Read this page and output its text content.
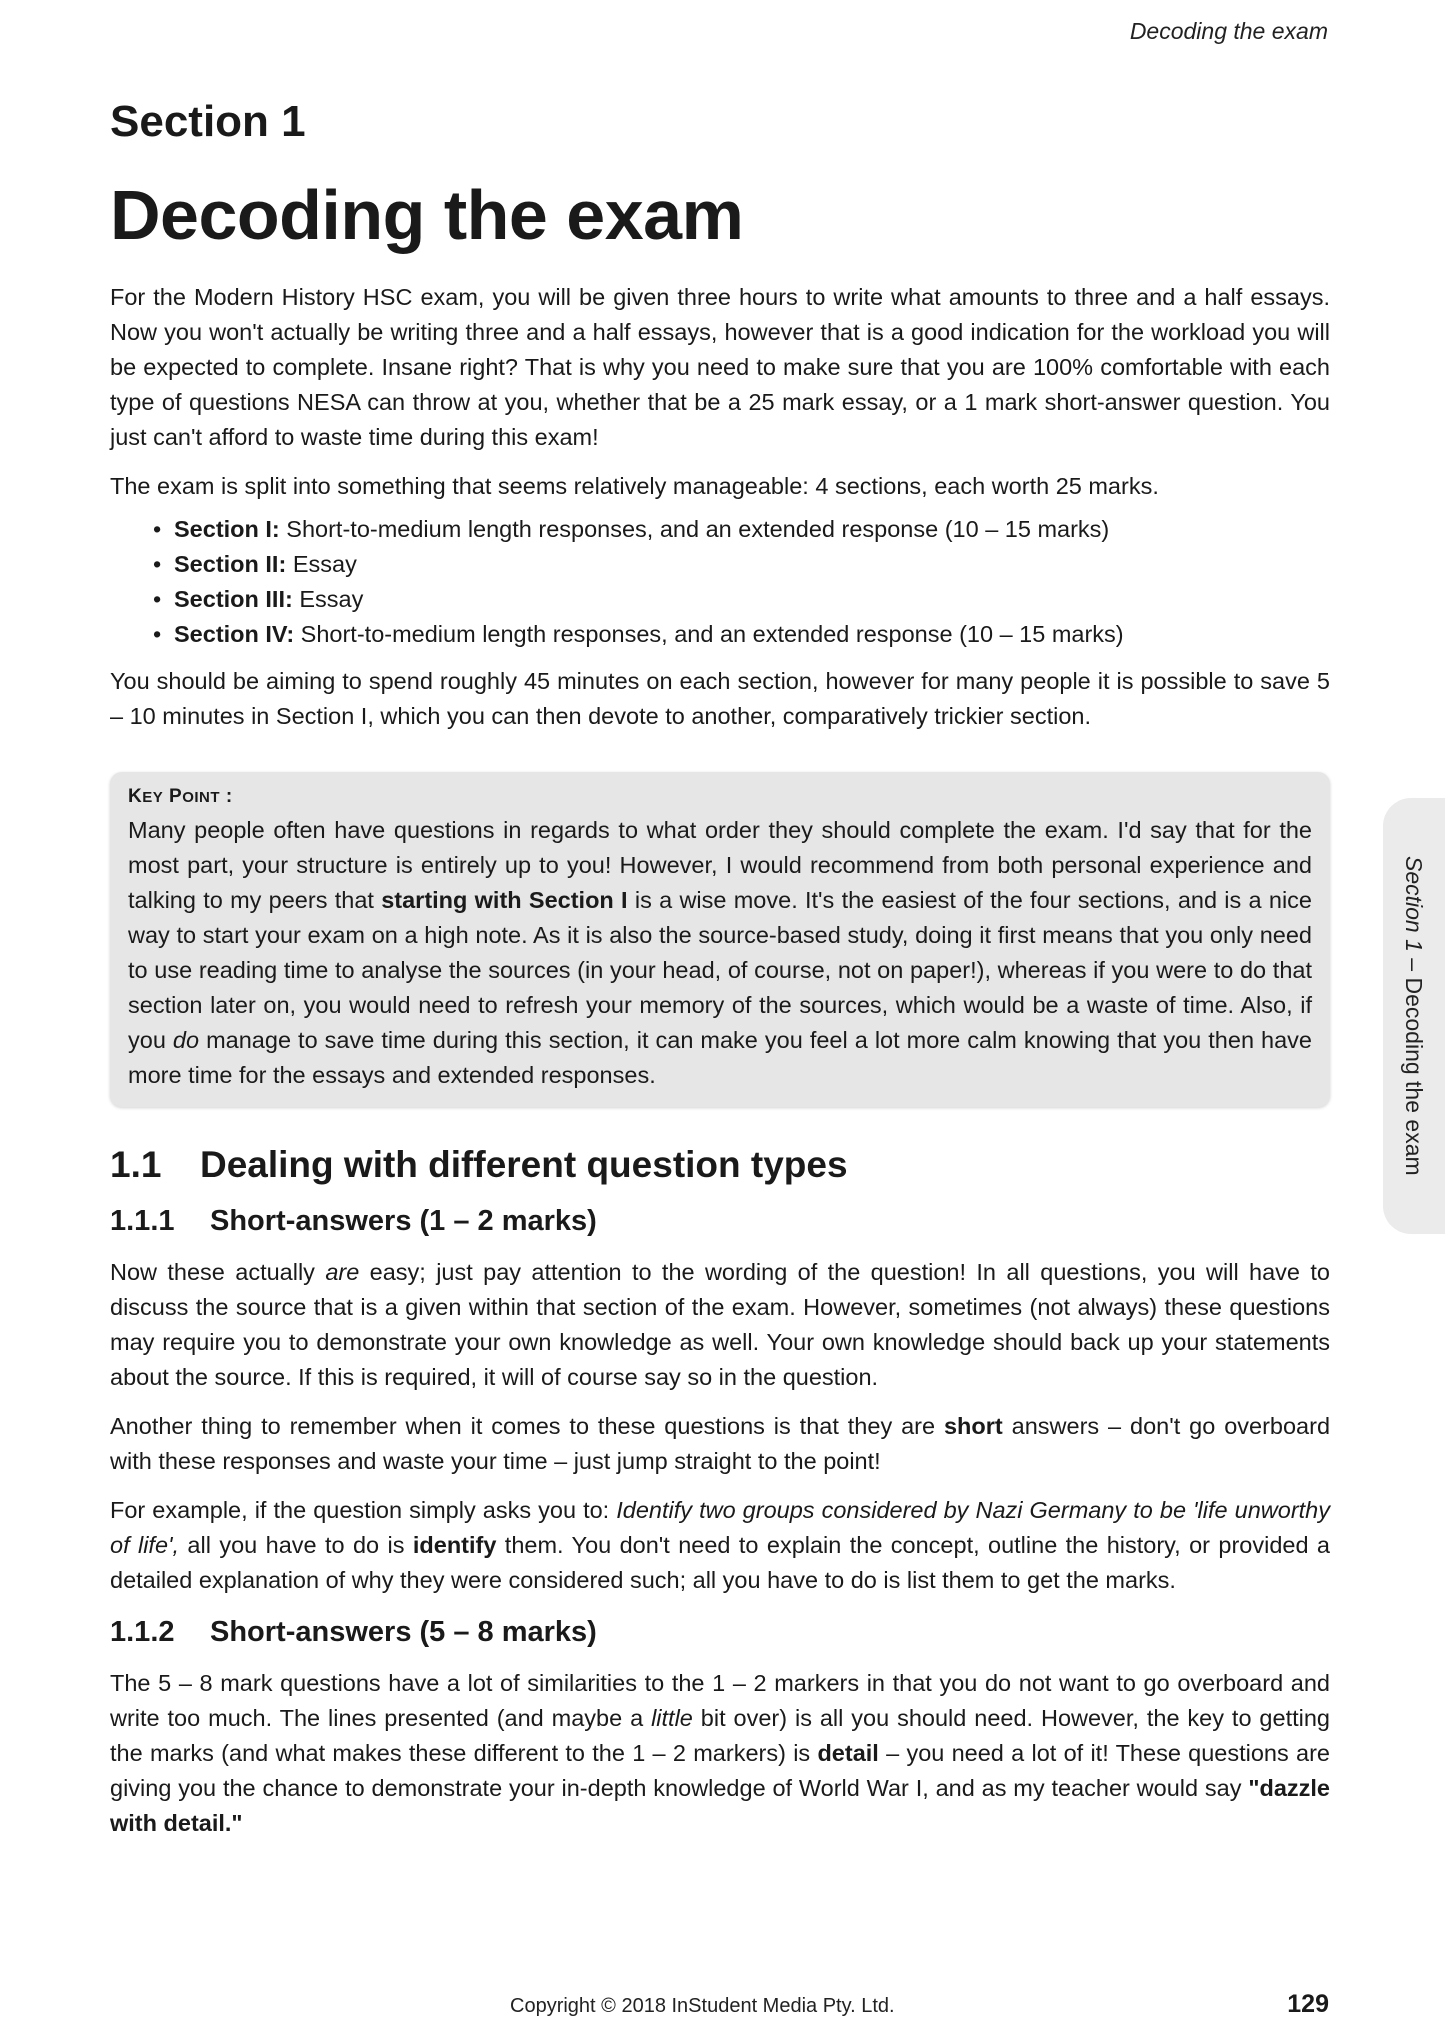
Decoding the exam
Section 1
Decoding the exam

For the Modern History HSC exam, you will be given three hours to write what amounts to three and a half essays. Now you won't actually be writing three and a half essays, however that is a good indication for the workload you will be expected to complete. Insane right? That is why you need to make sure that you are 100% comfortable with each type of questions NESA can throw at you, whether that be a 25 mark essay, or a 1 mark short-answer question. You just can't afford to waste time during this exam!

The exam is split into something that seems relatively manageable: 4 sections, each worth 25 marks.

• Section I: Short-to-medium length responses, and an extended response (10 – 15 marks)
• Section II: Essay
• Section III: Essay
• Section IV: Short-to-medium length responses, and an extended response (10 – 15 marks)

You should be aiming to spend roughly 45 minutes on each section, however for many people it is possible to save 5 – 10 minutes in Section I, which you can then devote to another, comparatively trickier section.

KEY POINT :

Many people often have questions in regards to what order they should complete the exam. I'd say that for the most part, your structure is entirely up to you! However, I would recommend from both personal experience and talking to my peers that starting with Section I is a wise move. It's the easiest of the four sections, and is a nice way to start your exam on a high note. As it is also the source-based study, doing it first means that you only need to use reading time to analyse the sources (in your head, of course, not on paper!), whereas if you were to do that section later on, you would need to refresh your memory of the sources, which would be a waste of time. Also, if you do manage to save time during this section, it can make you feel a lot more calm knowing that you then have more time for the essays and extended responses.

1.1 Dealing with different question types
1.1.1 Short-answers (1 – 2 marks)

Now these actually are easy; just pay attention to the wording of the question! In all questions, you will have to discuss the source that is a given within that section of the exam. However, sometimes (not always) these questions may require you to demonstrate your own knowledge as well. Your own knowledge should back up your statements about the source. If this is required, it will of course say so in the question.

Another thing to remember when it comes to these questions is that they are short answers – don't go overboard with these responses and waste your time – just jump straight to the point!

For example, if the question simply asks you to: Identify two groups considered by Nazi Germany to be 'life unworthy of life', all you have to do is identify them. You don't need to explain the concept, outline the history, or provided a detailed explanation of why they were considered such; all you have to do is list them to get the marks.

1.1.2 Short-answers (5 – 8 marks)

The 5 – 8 mark questions have a lot of similarities to the 1 – 2 markers in that you do not want to go overboard and write too much. The lines presented (and maybe a little bit over) is all you should need. However, the key to getting the marks (and what makes these different to the 1 – 2 markers) is detail – you need a lot of it! These questions are giving you the chance to demonstrate your in-depth knowledge of World War I, and as my teacher would say "dazzle with detail."

Section 1 – Decoding the exam
Copyright © 2018 InStudent Media Pty. Ltd.	129
